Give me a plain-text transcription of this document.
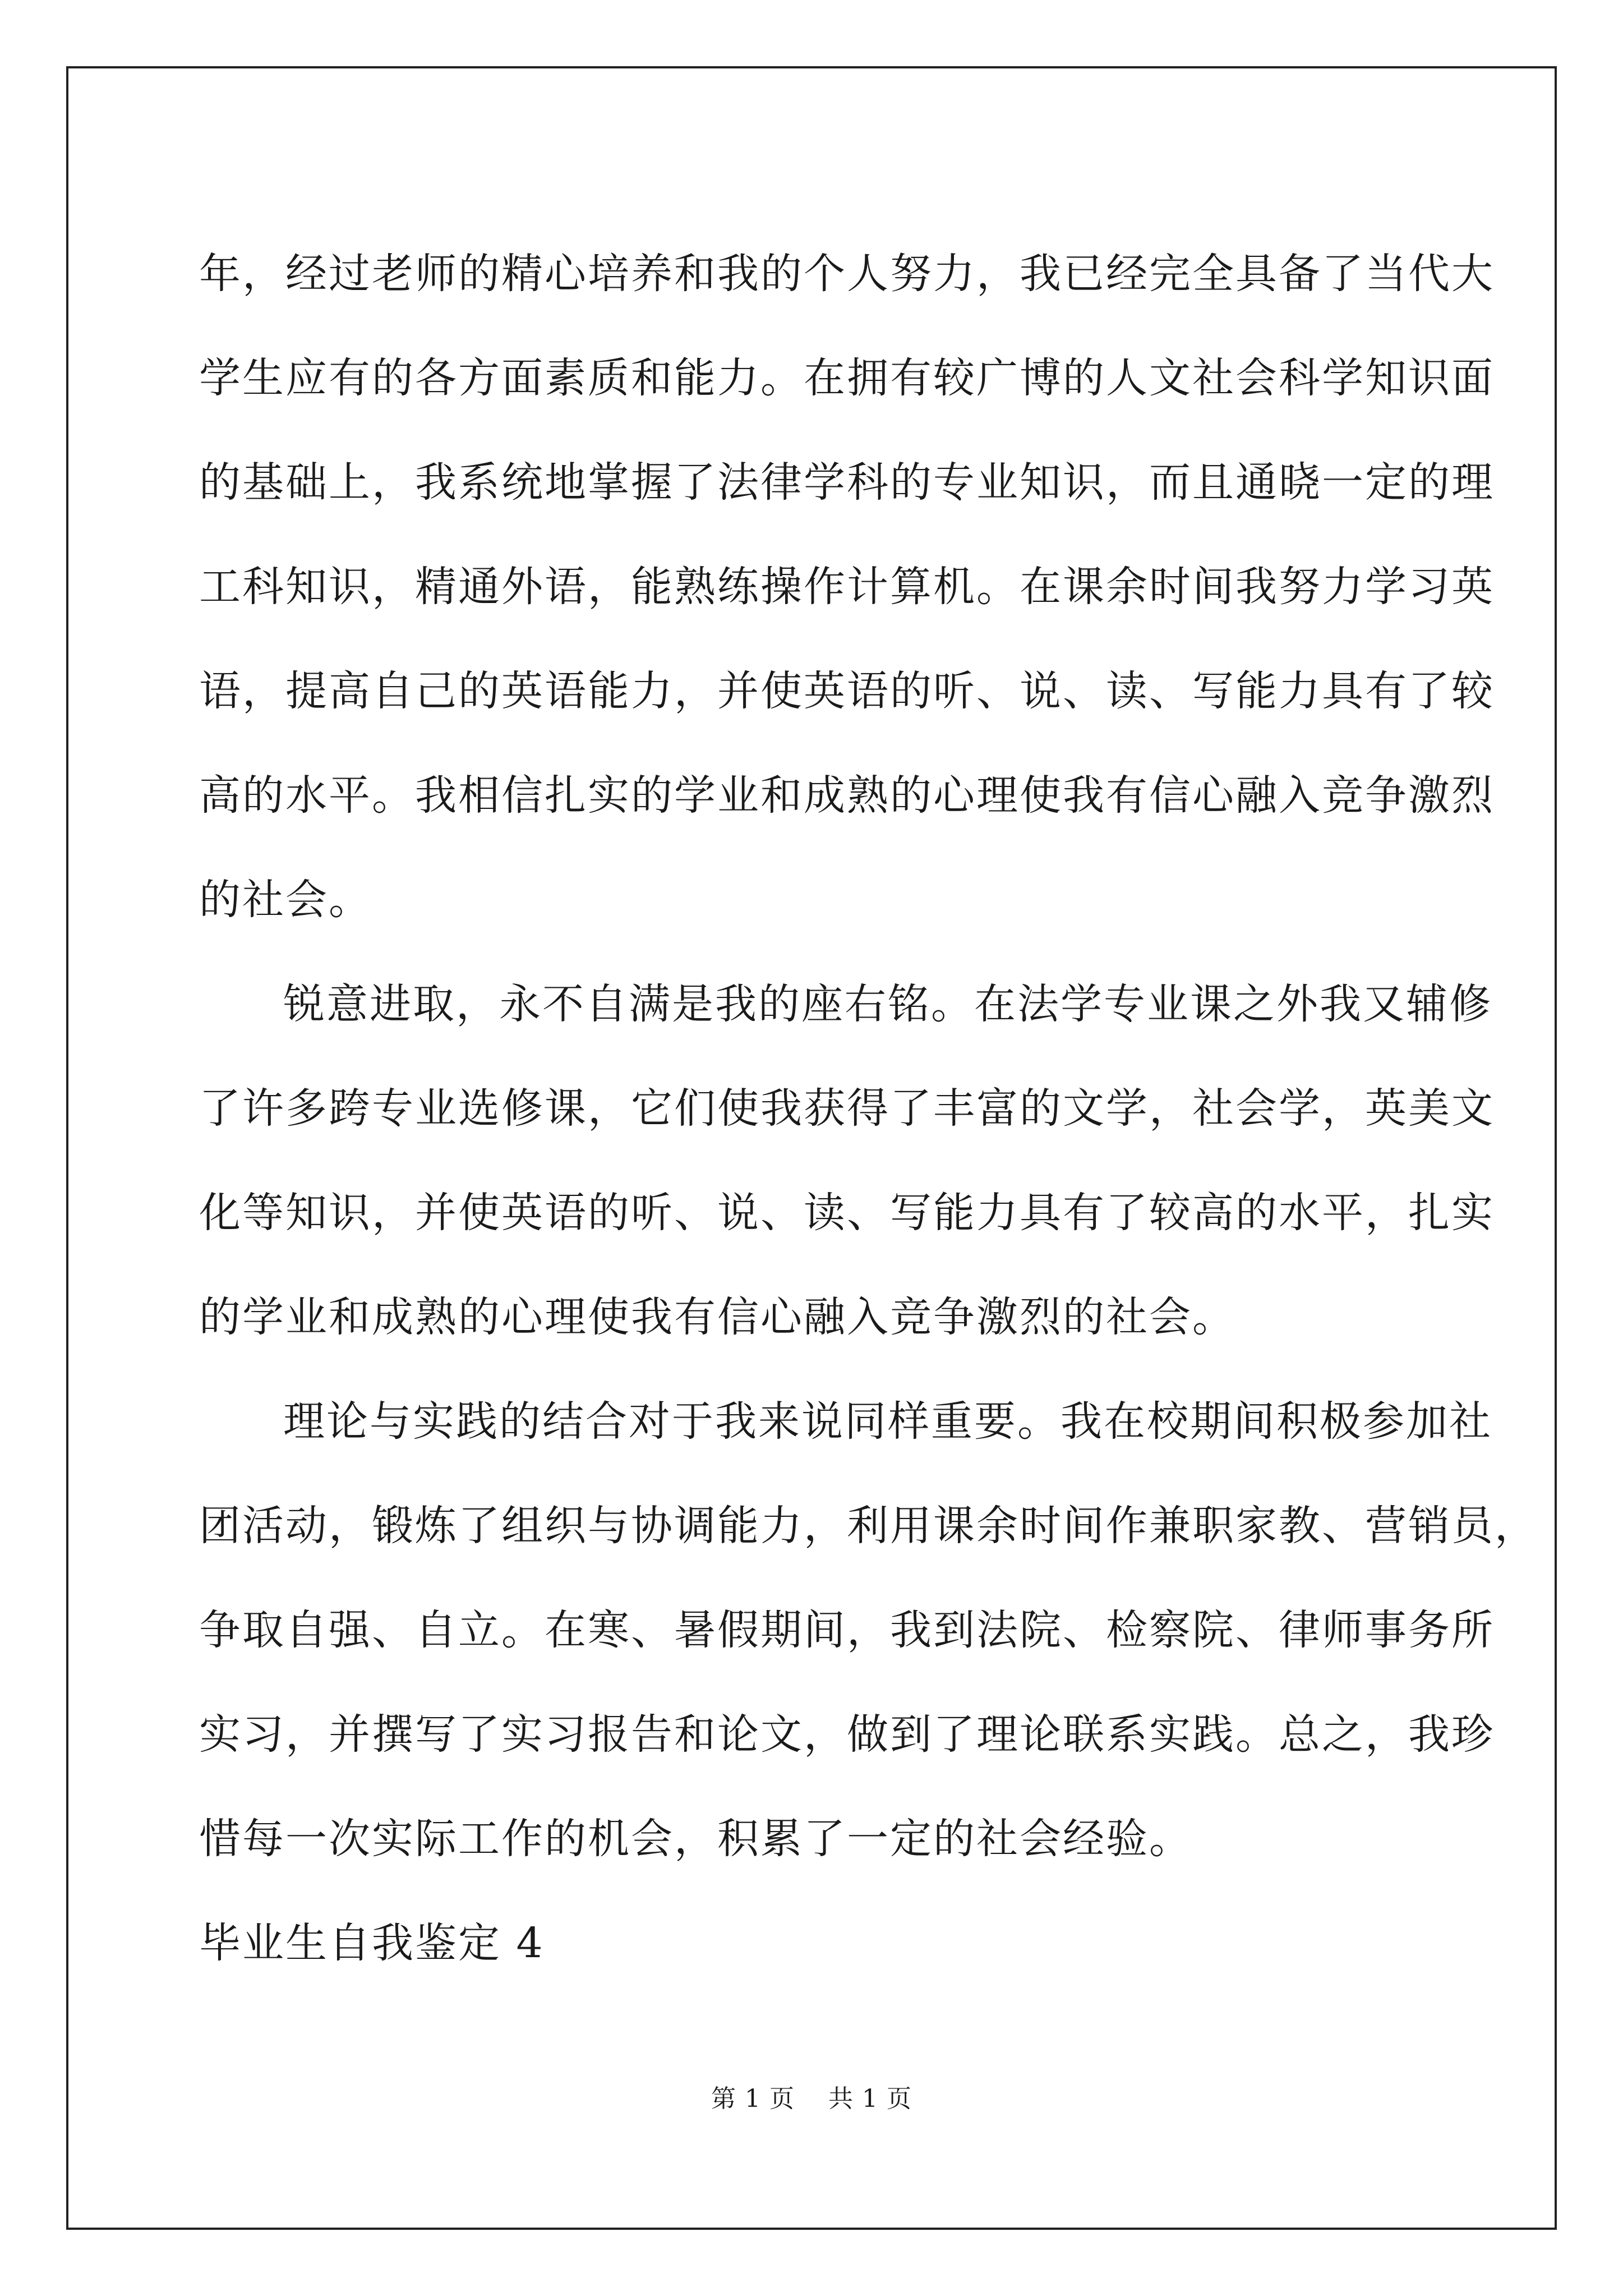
年，经过老师的精心培养和我的个人努力，我已经完全具备了当代大

学生应有的各方面素质和能力。在拥有较广博的人文社会科学知识面

的基础上，我系统地掌握了法律学科的专业知识，而且通晓一定的理

工科知识，精通外语，能熟练操作计算机。在课余时间我努力学习英

语，提高自己的英语能力，并使英语的听、说、读、写能力具有了较

高的水平。我相信扎实的学业和成熟的心理使我有信心融入竞争激烈

的社会。

锐意进取，永不自满是我的座右铭。在法学专业课之外我又辅修

了许多跨专业选修课，它们使我获得了丰富的文学，社会学，英美文

化等知识，并使英语的听、说、读、写能力具有了较高的水平，扎实

的学业和成熟的心理使我有信心融入竞争激烈的社会。

理论与实践的结合对于我来说同样重要。我在校期间积极参加社

团活动，锻炼了组织与协调能力，利用课余时间作兼职家教、营销员，

争取自强、自立。在寒、暑假期间，我到法院、检察院、律师事务所

实习，并撰写了实习报告和论文，做到了理论联系实践。总之，我珍

惜每一次实际工作的机会，积累了一定的社会经验。

毕业生自我鉴定 4

第 1 页 共 1 页
